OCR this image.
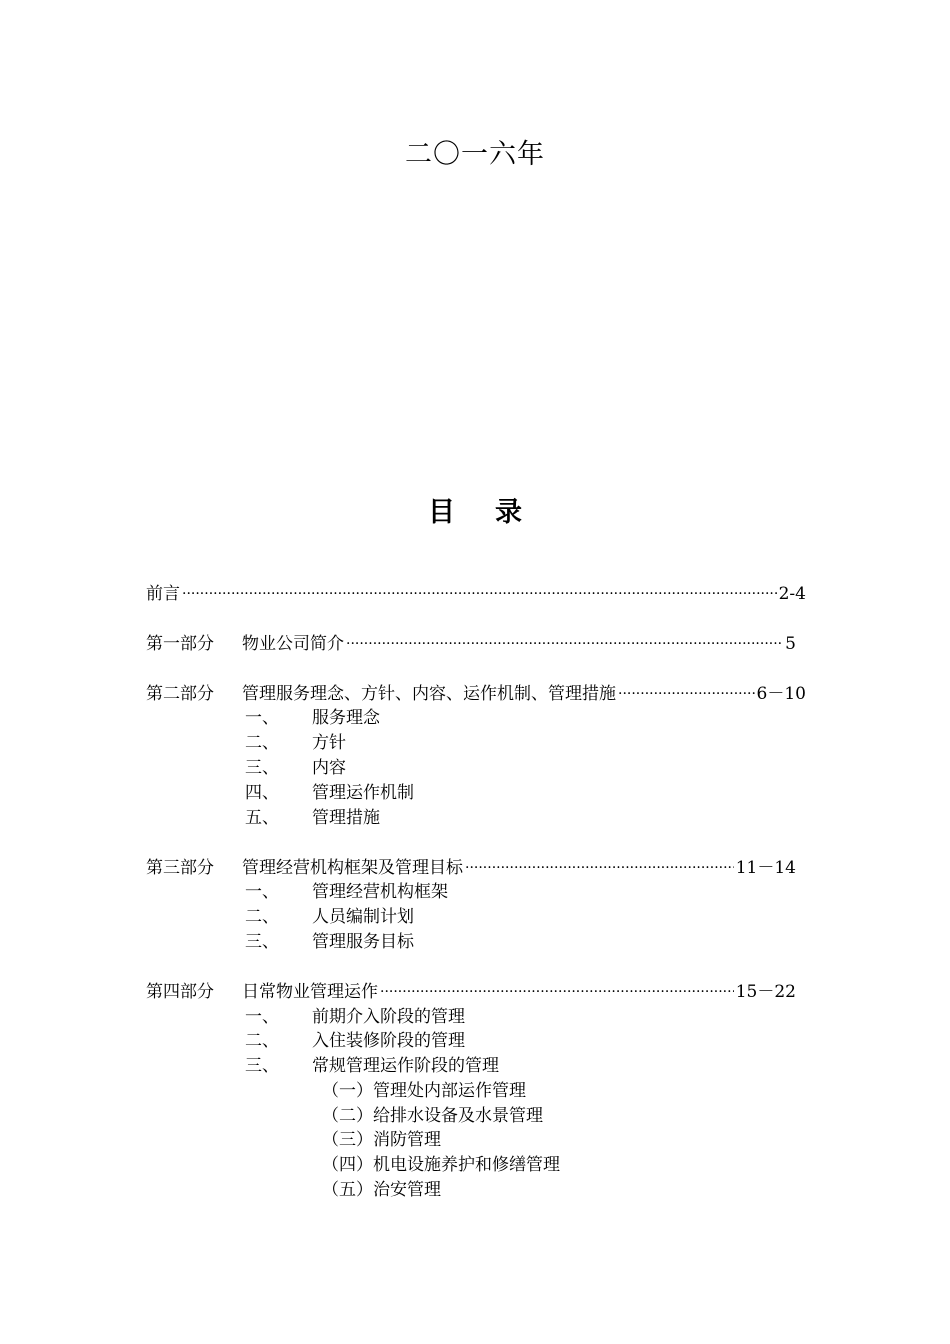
二〇一六年
目 录
前言 ·····	2-4
第一部分	物业公司简介 ·····	5
第二部分	管理服务理念、方针、内容、运作机制、管理措施 ·····	6－10
一、 服务理念
二、 方针
三、 内容
四、 管理运作机制
五、 管理措施
第三部分	管理经营机构框架及管理目标 ·····	11－14
一、 管理经营机构框架
二、 人员编制计划
三、 管理服务目标
第四部分	日常物业管理运作 ·····	15－22
一、 前期介入阶段的管理
二、 入住装修阶段的管理
三、 常规管理运作阶段的管理
（一）管理处内部运作管理
（二）给排水设备及水景管理
（三）消防管理
（四）机电设施养护和修缮管理
（五）治安管理
